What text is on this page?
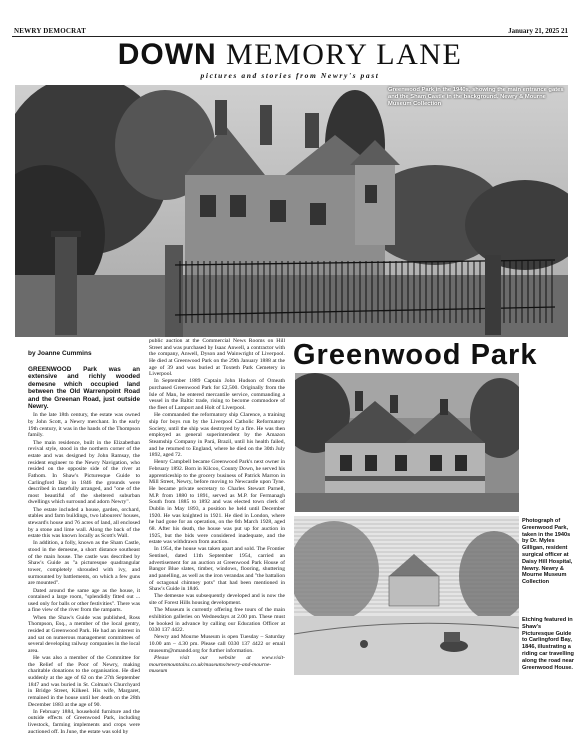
NEWRY DEMOCRAT	January 21, 2025 21
DOWN MEMORY LANE
pictures and stories from Newry's past
Greenwood Park in the 1940s, showing the main entrance gates and the Sham Castle in the background. Newry & Mourne Museum Collection
by Joanne Cummins	Greenwood Park

GREENWOOD Park was an extensive and richly wooded demesne which occupied land between the Old Warrenpoint Road and the Greenan Road, just outside Newry.

In the late 18th century, the estate was owned by John Scott, a Newry merchant. In the early 19th century, it was in the hands of the Thompson family.

The main residence, built in the Elizabethan revival style, stood in the northern corner of the estate and was designed by John Ramsay, the resident engineer to the Newry Navigation, who resided on the opposite side of the river at Fathom. In Shaw's Picturesque Guide to Carlingford Bay in 1846 the grounds were described in tastefully arranged, and "one of the most beautiful of the sheltered suburban dwellings which surround and adorn Newry".

The estate included a house, garden, orchard, stables and farm buildings, two labourers' houses, steward's house and 76 acres of land, all enclosed by a stone and lime wall. Along the back of the estate this was known locally as Scott's Wall.

In addition, a folly, known as the Sham Castle, stood in the demesne, a short distance southeast of the main house. The castle was described by Shaw's Guide as "a picturesque quadrangular tower, completely shrouded with ivy, and surmounted by battlements, on which a few guns are mounted".

Dated around the same age as the house, it contained a large room, "splendidly fitted out ... used only for balls or other festivities". There was a fine view of the river from the ramparts.

When the Shaw's Guide was published, Ross Thompson, Esq., a member of the local gentry, resided at Greenwood Park. He had an interest in and sat on numerous management committees of several developing railway companies in the local area.

He was also a member of the Committee for the Relief of the Poor of Newry, making charitable donations to the organisation. He died suddenly at the age of 62 on the 27th September 1847 and was buried in St. Colman's Churchyard in Bridge Street, Kilkeel. His wife, Margaret, remained in the house until her death on the 28th December 1883 at the age of 90.

In February 1884, household furniture and the outside effects of Greenwood Park, including livestock, farming implements and crops were auctioned off. In June, the estate was sold by

public auction at the Commercial News Rooms on Hill Street and was purchased by Isaac Anwell, a contractor with the company, Anwell, Dyson and Wainwright of Liverpool. He died at Greenwood Park on the 29th January 1888 at the age of 39 and was buried at Toxteth Park Cemetery in Liverpool.

In September 1889 Captain John Hudson of Omeath purchased Greenwood Park for £2,500. Originally from the Isle of Man, he entered mercantile service, commanding a vessel in the Baltic trade, rising to become commodore of the fleet of Lamport and Holt of Liverpool.

He commanded the reformatory ship Clarence, a training ship for boys run by the Liverpool Catholic Reformatory Society, until the ship was destroyed by a fire. He was then employed as general superintendent by the Amazon Steamship Company in Pará, Brazil, until his health failed, and he returned to England, where he died on the 30th July 1892, aged 72.

Henry Campbell became Greenwood Park's next owner in February 1892. Born in Kilcoo, County Down, he served his apprenticeship to the grocery business of Patrick Marron in Mill Street, Newry, before moving to Newcastle upon Tyne. He became private secretary to Charles Stewart Parnell, M.P. from 1880 to 1891, served as M.P. for Fermanagh South from 1885 to 1892 and was elected town clerk of Dublin in May 1893, a position he held until December 1920. He was knighted in 1921. He died in London, where he had gone for an operation, on the 6th March 1928, aged 68. After his death, the house was put up for auction in 1925, but the bids were considered inadequate, and the estate was withdrawn from auction.

In 1954, the house was taken apart and sold. The Frontier Sentinel, dated 11th September 1954, carried an advertisement for an auction at Greenwood Park House of Bangor Blue slates, timber, windows, flooring, shuttering and panelling, as well as the iron verandas and "the battalion of octagonal chimney pots" that had been mentioned in Shaw's Guide in 1846.

The demesne was subsequently developed and is now the site of Forest Hills housing development.

The Museum is currently offering free tours of the main exhibition galleries on Wednesdays at 2.00 pm. These must be booked in advance by calling our Education Officer at 0330 137 4422.

Newry and Mourne Museum is open Tuesday – Saturday 10.00 am – 4.30 pm. Please call 0330 137 4422 or email museum@nmandd.org for further information.

Please visit our website at www.visit-mournemountains.co.uk/museums/newry-and-mourne-museum

Photograph of Greenwood Park, taken in the 1940s by Dr. Myles Gilligan, resident surgical officer at Daisy Hill Hospital, Newry. Newry & Mourne Museum Collection
Etching featured in Shaw's Picturesque Guide to Carlingford Bay, 1846, illustrating a riding car travelling along the road near Greenwood House.
